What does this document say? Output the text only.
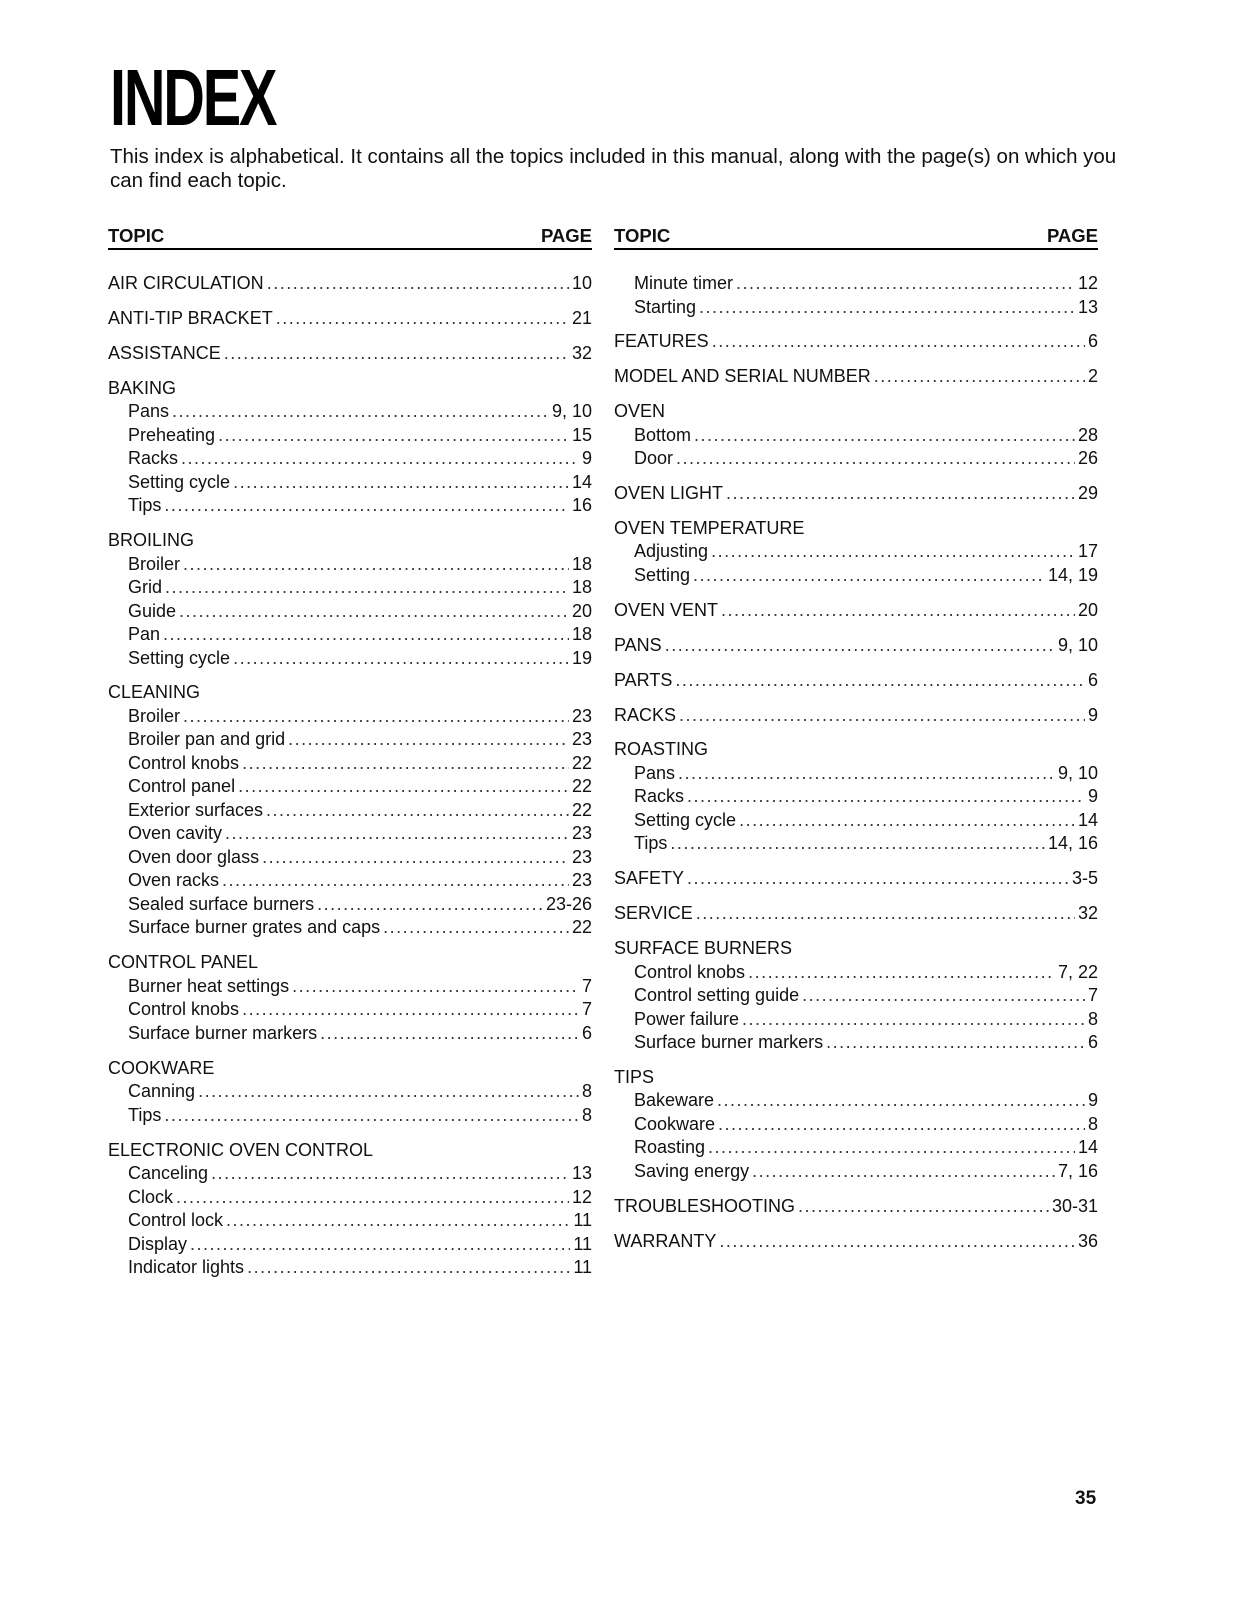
INDEX

This index is alphabetical. It contains all the topics included in this manual, along with the page(s) on which you can find each topic.

TOPIC	PAGE
AIR CIRCULATION .....	10
ANTI-TIP BRACKET .....	21
ASSISTANCE .....	32
BAKING
Pans .....	9, 10
Preheating .....	15
Racks .....	9
Setting cycle .....	14
Tips .....	16
BROILING
Broiler .....	18
Grid .....	18
Guide .....	20
Pan .....	18
Setting cycle .....	19
CLEANING
Broiler .....	23
Broiler pan and grid .....	23
Control knobs .....	22
Control panel .....	22
Exterior surfaces .....	22
Oven cavity .....	23
Oven door glass .....	23
Oven racks .....	23
Sealed surface burners .....	23-26
Surface burner grates and caps .....	22
CONTROL PANEL
Burner heat settings .....	7
Control knobs .....	7
Surface burner markers .....	6
COOKWARE
Canning .....	8
Tips .....	8
ELECTRONIC OVEN CONTROL
Canceling .....	13
Clock .....	12
Control lock .....	11
Display .....	11
Indicator lights .....	11
TOPIC	PAGE
Minute timer .....	12
Starting .....	13
FEATURES .....	6
MODEL AND SERIAL NUMBER .....	2
OVEN
Bottom .....	28
Door .....	26
OVEN LIGHT .....	29
OVEN TEMPERATURE
Adjusting .....	17
Setting .....	14, 19
OVEN VENT .....	20
PANS .....	9, 10
PARTS .....	6
RACKS .....	9
ROASTING
Pans .....	9, 10
Racks .....	9
Setting cycle .....	14
Tips .....	14, 16
SAFETY .....	3-5
SERVICE .....	32
SURFACE BURNERS
Control knobs .....	7, 22
Control setting guide .....	7
Power failure .....	8
Surface burner markers .....	6
TIPS
Bakeware .....	9
Cookware .....	8
Roasting .....	14
Saving energy .....	7, 16
TROUBLESHOOTING .....	30-31
WARRANTY .....	36

35
